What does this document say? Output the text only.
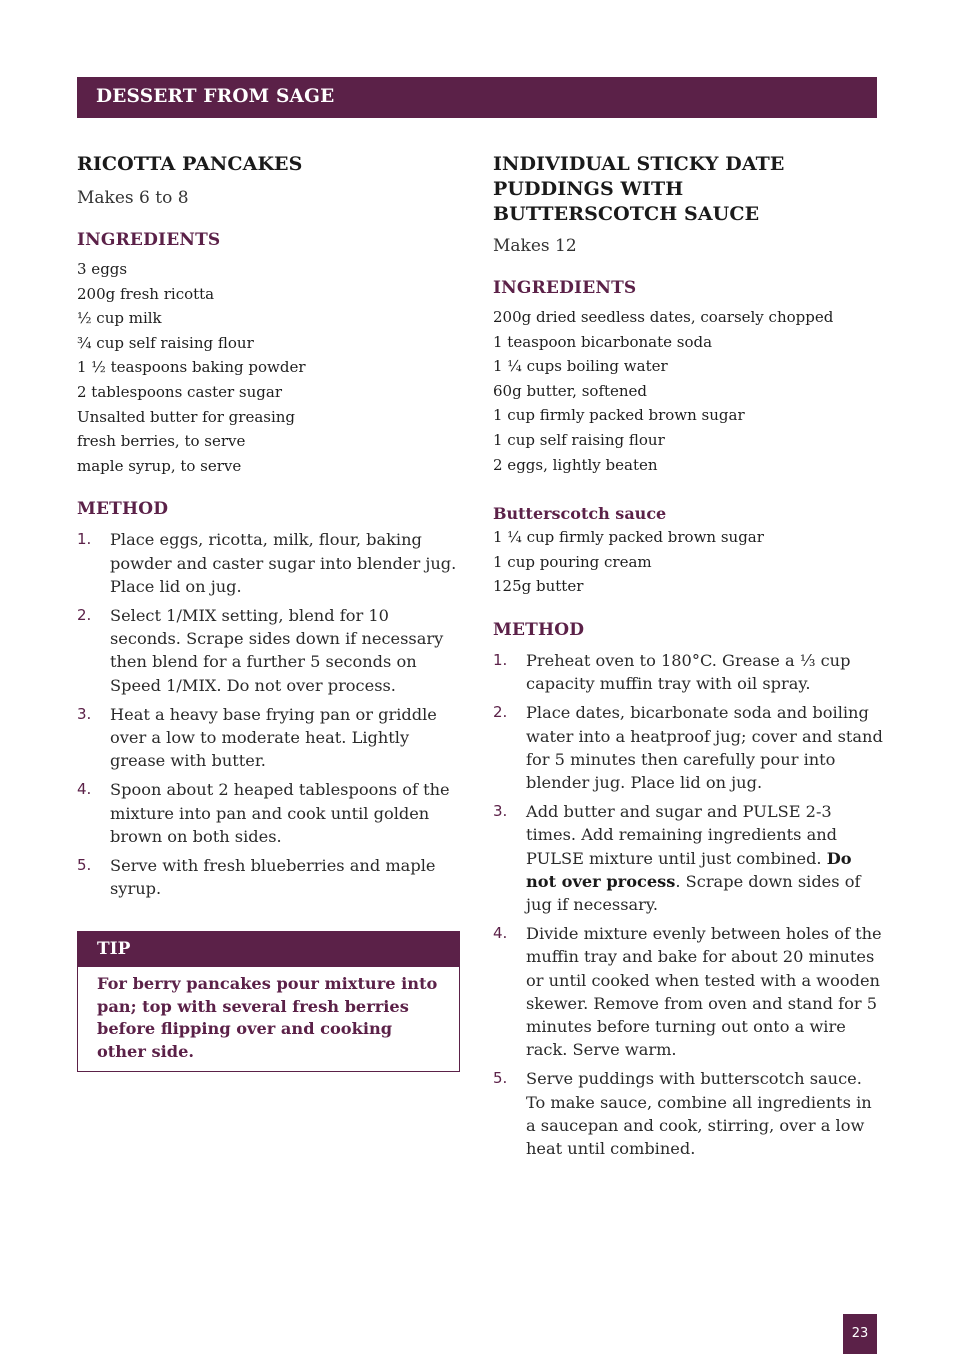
DESSERT FROM SAGE
RICOTTA PANCAKES

Makes 6 to 8

INGREDIENTS
3 eggs
200g fresh ricotta
½ cup milk
¾ cup self raising flour
1 ½ teaspoons baking powder
2 tablespoons caster sugar
Unsalted butter for greasing
fresh berries, to serve
maple syrup, to serve
METHOD
1. Place eggs, ricotta, milk, flour, baking powder and caster sugar into blender jug. Place lid on jug.
2. Select 1/MIX setting, blend for 10 seconds. Scrape sides down if necessary then blend for a further 5 seconds on Speed 1/MIX. Do not over process.
3. Heat a heavy base frying pan or griddle over a low to moderate heat. Lightly grease with butter.
4. Spoon about 2 heaped tablespoons of the mixture into pan and cook until golden brown on both sides.
5. Serve with fresh blueberries and maple syrup.
TIP
For berry pancakes pour mixture into pan; top with several fresh berries before flipping over and cooking other side.
INDIVIDUAL STICKY DATE PUDDINGS WITH BUTTERSCOTCH SAUCE

Makes 12

INGREDIENTS
200g dried seedless dates, coarsely chopped
1 teaspoon bicarbonate soda
1 ¼ cups boiling water
60g butter, softened
1 cup firmly packed brown sugar
1 cup self raising flour
2 eggs, lightly beaten
Butterscotch sauce
1 ¼ cup firmly packed brown sugar
1 cup pouring cream
125g butter
METHOD
1. Preheat oven to 180°C. Grease a ⅓ cup capacity muffin tray with oil spray.
2. Place dates, bicarbonate soda and boiling water into a heatproof jug; cover and stand for 5 minutes then carefully pour into blender jug. Place lid on jug.
3. Add butter and sugar and PULSE 2-3 times. Add remaining ingredients and PULSE mixture until just combined. Do not over process. Scrape down sides of jug if necessary.
4. Divide mixture evenly between holes of the muffin tray and bake for about 20 minutes or until cooked when tested with a wooden skewer. Remove from oven and stand for 5 minutes before turning out onto a wire rack. Serve warm.
5. Serve puddings with butterscotch sauce. To make sauce, combine all ingredients in a saucepan and cook, stirring, over a low heat until combined.
23
